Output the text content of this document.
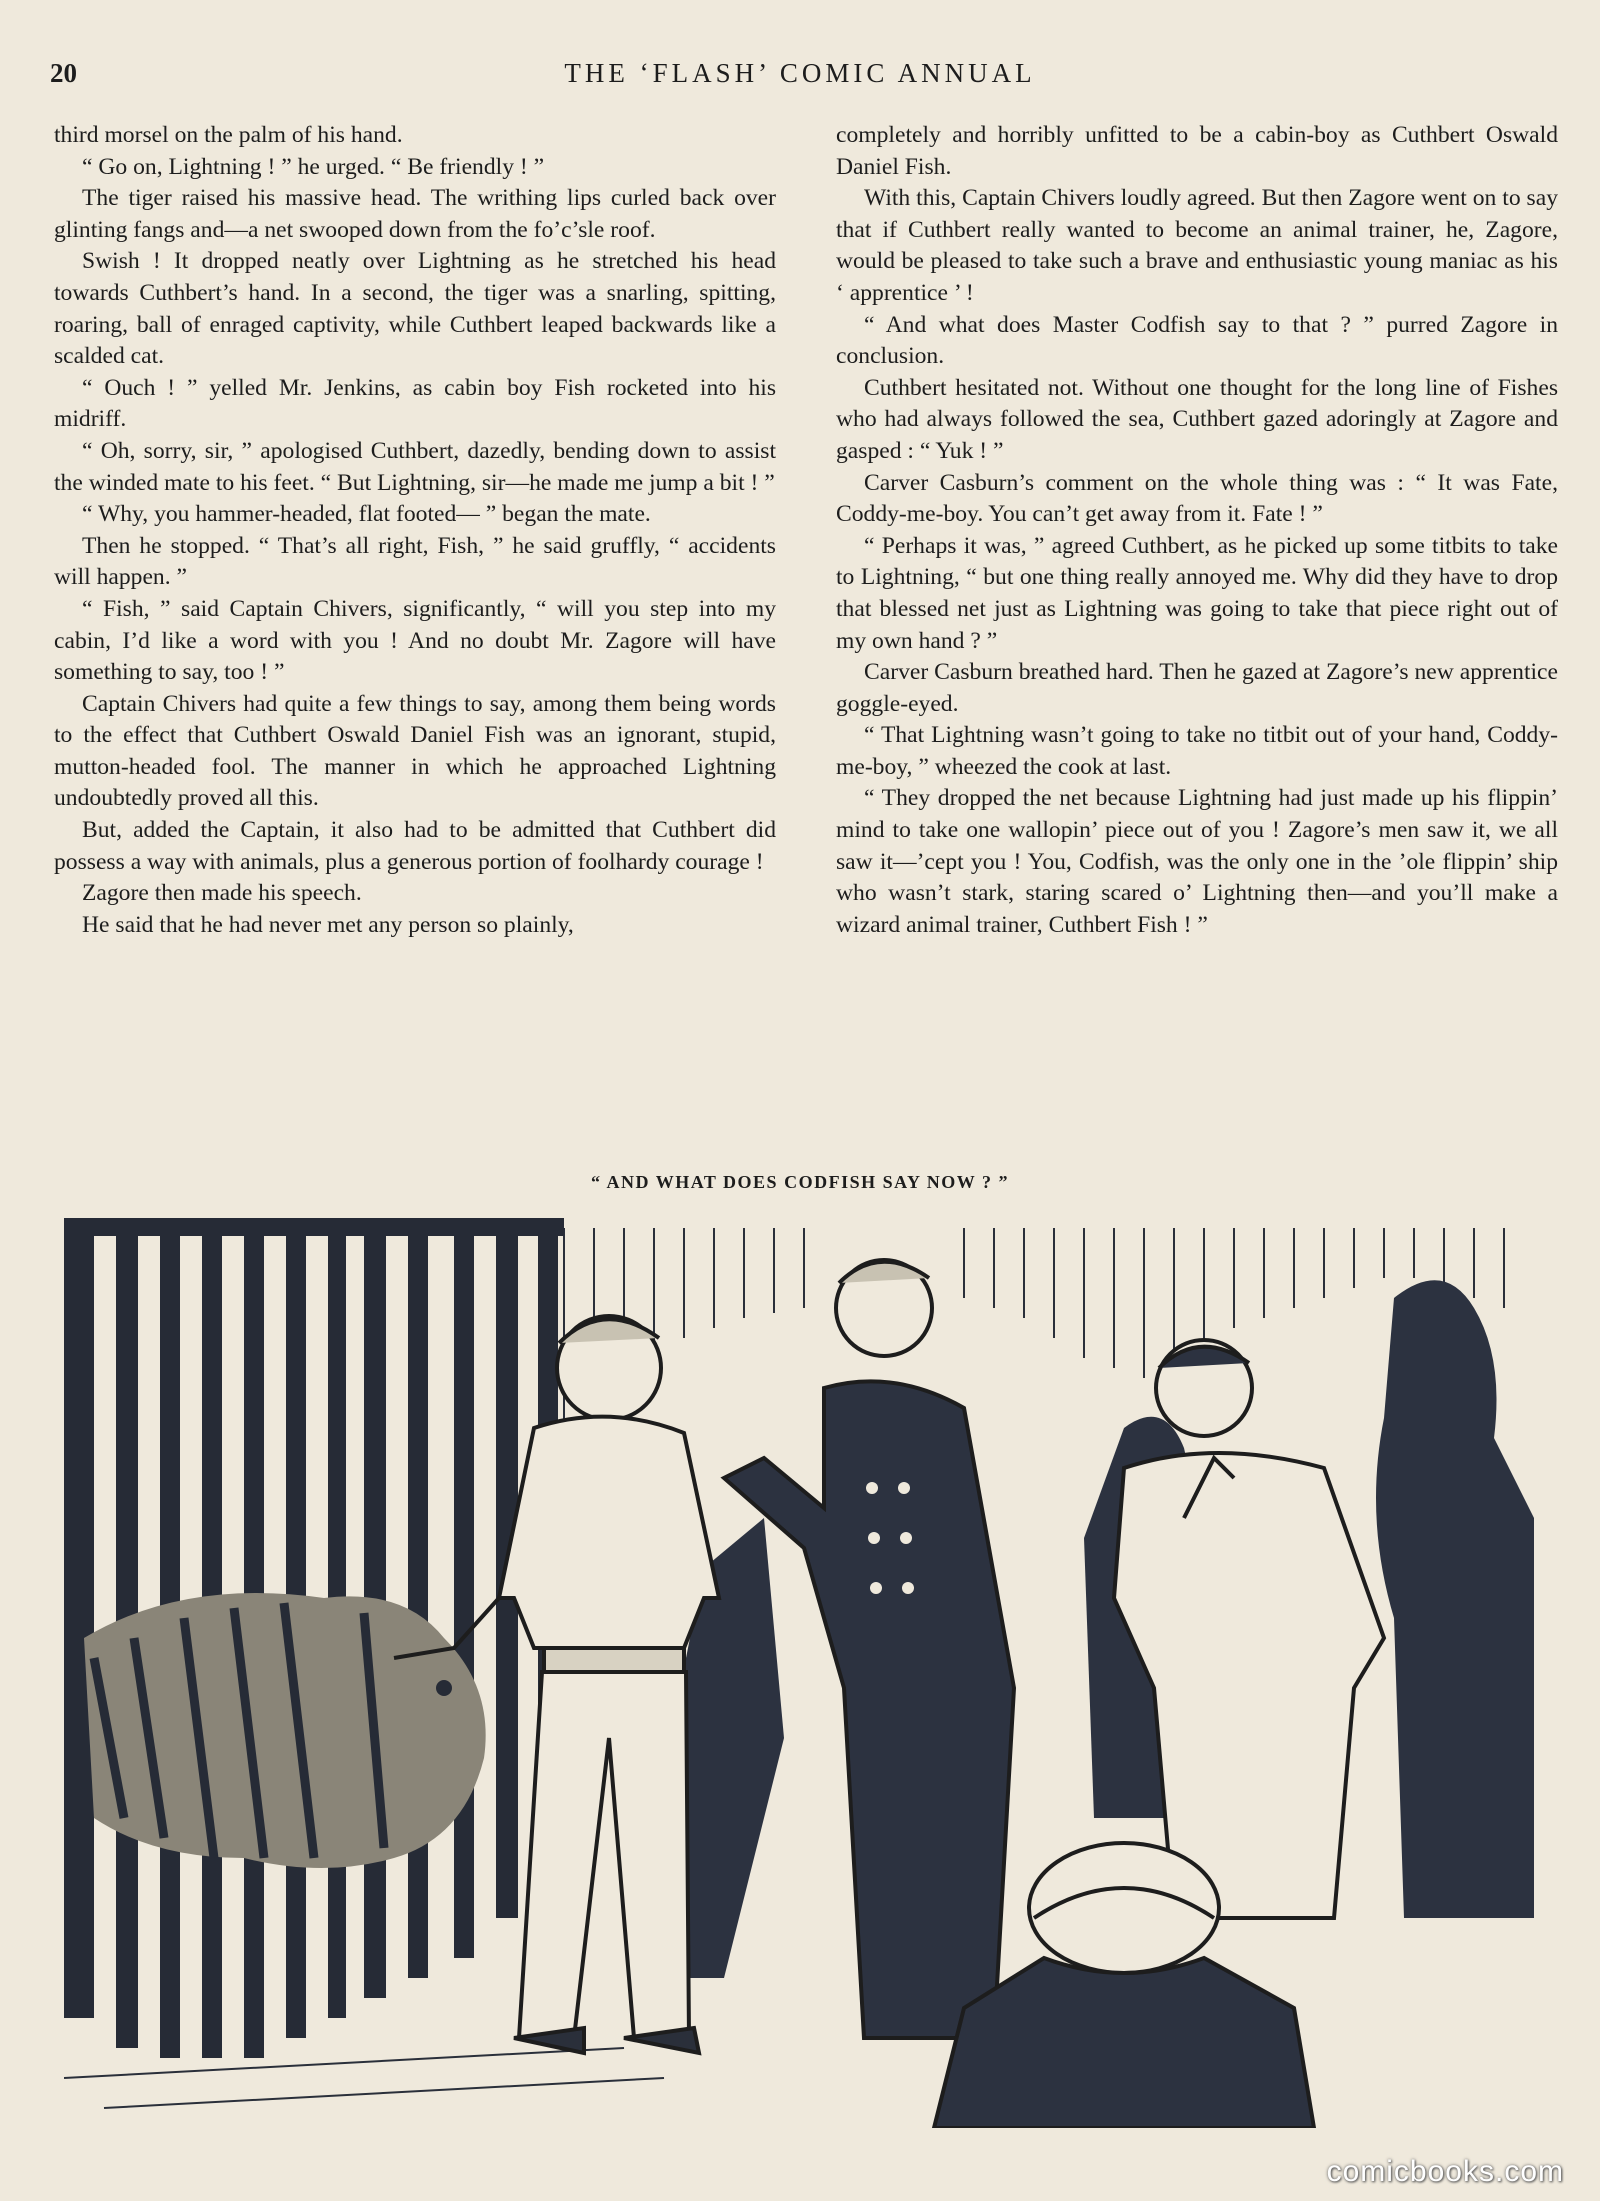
20	THE ‘FLASH’ COMIC ANNUAL

third morsel on the palm of his hand.

“ Go on, Lightning ! ” he urged. “ Be friendly ! ”

The tiger raised his massive head. The writhing lips curled back over glinting fangs and—a net swooped down from the fo’c’sle roof.

Swish ! It dropped neatly over Lightning as he stretched his head towards Cuthbert’s hand. In a second, the tiger was a snarling, spitting, roaring, ball of enraged captivity, while Cuthbert leaped backwards like a scalded cat.

“ Ouch ! ” yelled Mr. Jenkins, as cabin boy Fish rocketed into his midriff.

“ Oh, sorry, sir, ” apologised Cuthbert, dazedly, bending down to assist the winded mate to his feet. “ But Lightning, sir—he made me jump a bit ! ”

“ Why, you hammer-headed, flat footed— ” began the mate.

Then he stopped. “ That’s all right, Fish, ” he said gruffly, “ accidents will happen. ”

“ Fish, ” said Captain Chivers, significantly, “ will you step into my cabin, I’d like a word with you ! And no doubt Mr. Zagore will have something to say, too ! ”

Captain Chivers had quite a few things to say, among them being words to the effect that Cuthbert Oswald Daniel Fish was an ignorant, stupid, mutton-headed fool. The manner in which he approached Lightning undoubtedly proved all this.

But, added the Captain, it also had to be admitted that Cuthbert did possess a way with animals, plus a generous portion of foolhardy courage !

Zagore then made his speech.

He said that he had never met any person so plainly,

completely and horribly unfitted to be a cabin-boy as Cuthbert Oswald Daniel Fish.

With this, Captain Chivers loudly agreed. But then Zagore went on to say that if Cuthbert really wanted to become an animal trainer, he, Zagore, would be pleased to take such a brave and enthusiastic young maniac as his ‘ apprentice ’ !

“ And what does Master Codfish say to that ? ” purred Zagore in conclusion.

Cuthbert hesitated not. Without one thought for the long line of Fishes who had always followed the sea, Cuthbert gazed adoringly at Zagore and gasped : “ Yuk ! ”

Carver Casburn’s comment on the whole thing was : “ It was Fate, Coddy-me-boy. You can’t get away from it. Fate ! ”

“ Perhaps it was, ” agreed Cuthbert, as he picked up some titbits to take to Lightning, “ but one thing really annoyed me. Why did they have to drop that blessed net just as Lightning was going to take that piece right out of my own hand ? ”

Carver Casburn breathed hard. Then he gazed at Zagore’s new apprentice goggle-eyed.

“ That Lightning wasn’t going to take no titbit out of your hand, Coddy-me-boy, ” wheezed the cook at last.

“ They dropped the net because Lightning had just made up his flippin’ mind to take one wallopin’ piece out of you ! Zagore’s men saw it, we all saw it—’cept you ! You, Codfish, was the only one in the ’ole flippin’ ship who wasn’t stark, staring scared o’ Lightning then—and you’ll make a wizard animal trainer, Cuthbert Fish ! ”

“ AND WHAT DOES CODFISH SAY NOW ? ”
comicbooks.com
